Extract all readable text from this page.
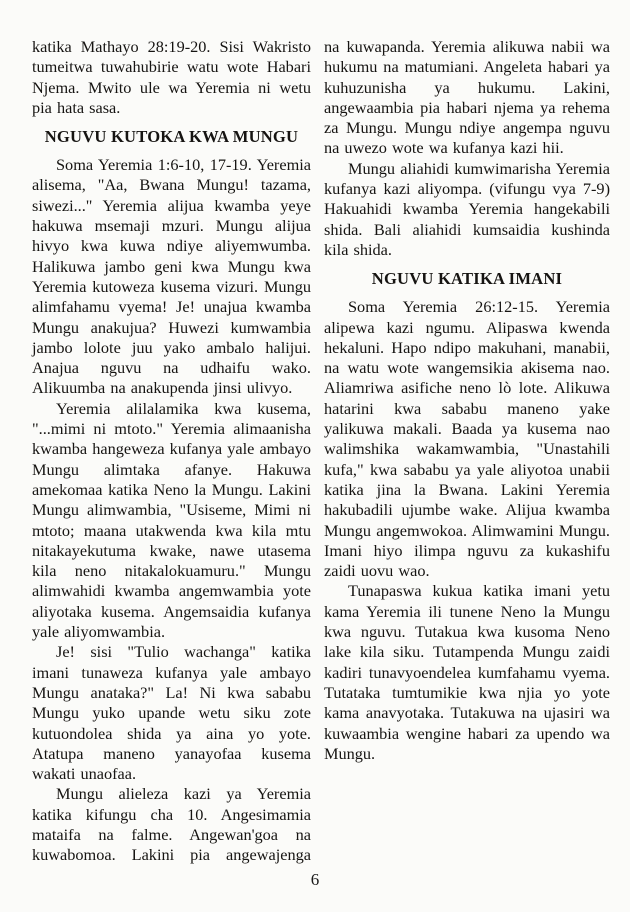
katika Mathayo 28:19-20. Sisi Wakristo tumeitwa tuwahubirie watu wote Habari Njema. Mwito ule wa Yeremia ni wetu pia hata sasa.

NGUVU KUTOKA KWA MUNGU

Soma Yeremia 1:6-10, 17-19. Yeremia alisema, "Aa, Bwana Mungu! tazama, siwezi..." Yeremia alijua kwamba yeye hakuwa msemaji mzuri. Mungu alijua hivyo kwa kuwa ndiye aliyemwumba. Halikuwa jambo geni kwa Mungu kwa Yeremia kutoweza kusema vizuri. Mungu alimfahamu vyema! Je! unajua kwamba Mungu anakujua? Huwezi kumwambia jambo lolote juu yako ambalo halijui. Anajua nguvu na udhaifu wako. Alikuumba na anakupenda jinsi ulivyo.

Yeremia alilalamika kwa kusema, "...mimi ni mtoto." Yeremia alimaanisha kwamba hangeweza kufanya yale ambayo Mungu alimtaka afanye. Hakuwa amekomaa katika Neno la Mungu. Lakini Mungu alimwambia, "Usiseme, Mimi ni mtoto; maana utakwenda kwa kila mtu nitakayekutuma kwake, nawe utasema kila neno nitakalokuamuru." Mungu alimwahidi kwamba angemwambia yote aliyotaka kusema. Angemsaidia kufanya yale aliyomwambia.

Je! sisi "Tulio wachanga" katika imani tunaweza kufanya yale ambayo Mungu anataka?" La! Ni kwa sababu Mungu yuko upande wetu siku zote kutuondolea shida ya aina yo yote. Atatupa maneno yanayofaa kusema wakati unaofaa.

Mungu alieleza kazi ya Yeremia katika kifungu cha 10. Angesimamia mataifa na falme. Angewan'goa na kuwabomoa. Lakini pia angewajenga

na kuwapanda. Yeremia alikuwa nabii wa hukumu na matumiani. Angeleta habari ya kuhuzunisha ya hukumu. Lakini, angewaambia pia habari njema ya rehema za Mungu. Mungu ndiye angempa nguvu na uwezo wote wa kufanya kazi hii.

Mungu aliahidi kumwimarisha Yeremia kufanya kazi aliyompa. (vifungu vya 7-9) Hakuahidi kwamba Yeremia hangekabili shida. Bali aliahidi kumsaidia kushinda kila shida.

NGUVU KATIKA IMANI

Soma Yeremia 26:12-15. Yeremia alipewa kazi ngumu. Alipaswa kwenda hekaluni. Hapo ndipo makuhani, manabii, na watu wote wangemsikia akisema nao. Aliamriwa asifiche neno lò lote. Alikuwa hatarini kwa sababu maneno yake yalikuwa makali. Baada ya kusema nao walimshika wakamwambia, "Unastahili kufa," kwa sababu ya yale aliyotoa unabii katika jina la Bwana. Lakini Yeremia hakubadili ujumbe wake. Alijua kwamba Mungu angemwokoa. Alimwamini Mungu. Imani hiyo ilimpa nguvu za kukashifu zaidi uovu wao.

Tunapaswa kukua katika imani yetu kama Yeremia ili tunene Neno la Mungu kwa nguvu. Tutakua kwa kusoma Neno lake kila siku. Tutampenda Mungu zaidi kadiri tunavyoendelea kumfahamu vyema. Tutataka tumtumikie kwa njia yo yote kama anavyotaka. Tutakuwa na ujasiri wa kuwaambia wengine habari za upendo wa Mungu.

6
